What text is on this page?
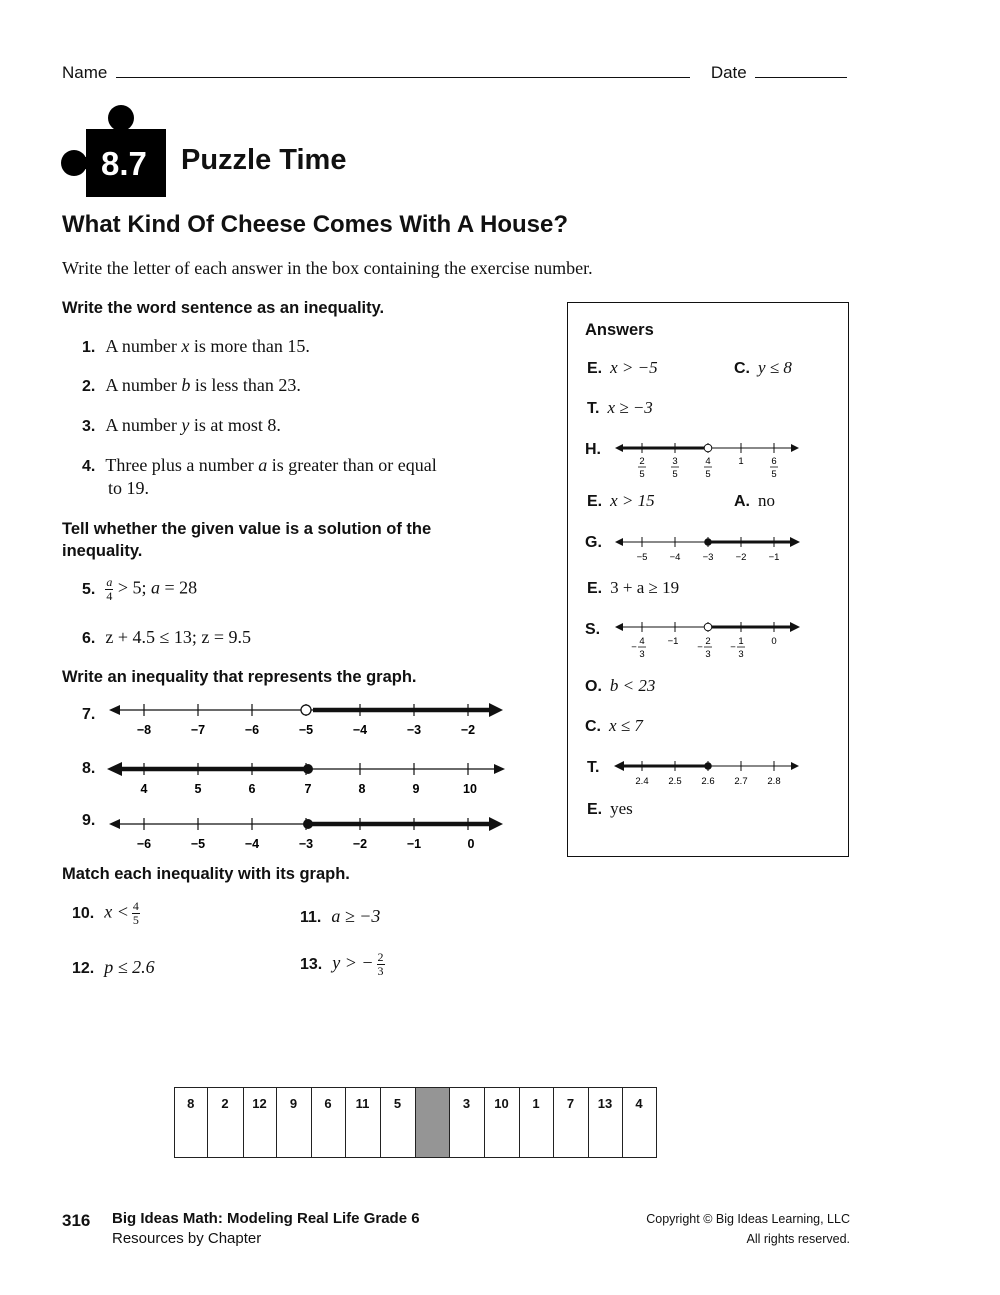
Name	Date
8.7 Puzzle Time
What Kind Of Cheese Comes With A House?
Write the letter of each answer in the box containing the exercise number.
Write the word sentence as an inequality.
1. A number x is more than 15.
2. A number b is less than 23.
3. A number y is at most 8.
4. Three plus a number a is greater than or equal
to 19.
Tell whether the given value is a solution of the
inequality.
5. $\frac{a}{4} > 5$; a = 28
6. z + 4.5 ≤ 13; z = 9.5
Write an inequality that represents the graph.
7.
−8	−7	−6	−5	−4	−3	−2
8.
4	5	6	7	8	9	10
9.
−6	−5	−4	−3	−2	−1	0
Match each inequality with its graph.
10. $x < \frac{4}{5}$	11. a ≥ −3
12. p ≤ 2.6	13. y > − $\frac{2}{3}$
Answers
E. x > −5	C. y ≤ 8
T. x ≥ −3
H.
2
5
3
5
4
5
1	6
5
E. x > 15	A. no
G.
−5 −4 −3 −2 −1
E. 3 + a ≥ 19
S.
−
4
3
−1
−
2
3
−
1
3
0
O. b < 23
C. x ≤ 7
T.
2.4 2.5 2.6 2.7 2.8
E. yes
8	2	12	9	6	11	5		3	10	1	7	13	4
316 Big Ideas Math: Modeling Real Life Grade 6
Resources by Chapter
Copyright © Big Ideas Learning, LLC
All rights reserved.
